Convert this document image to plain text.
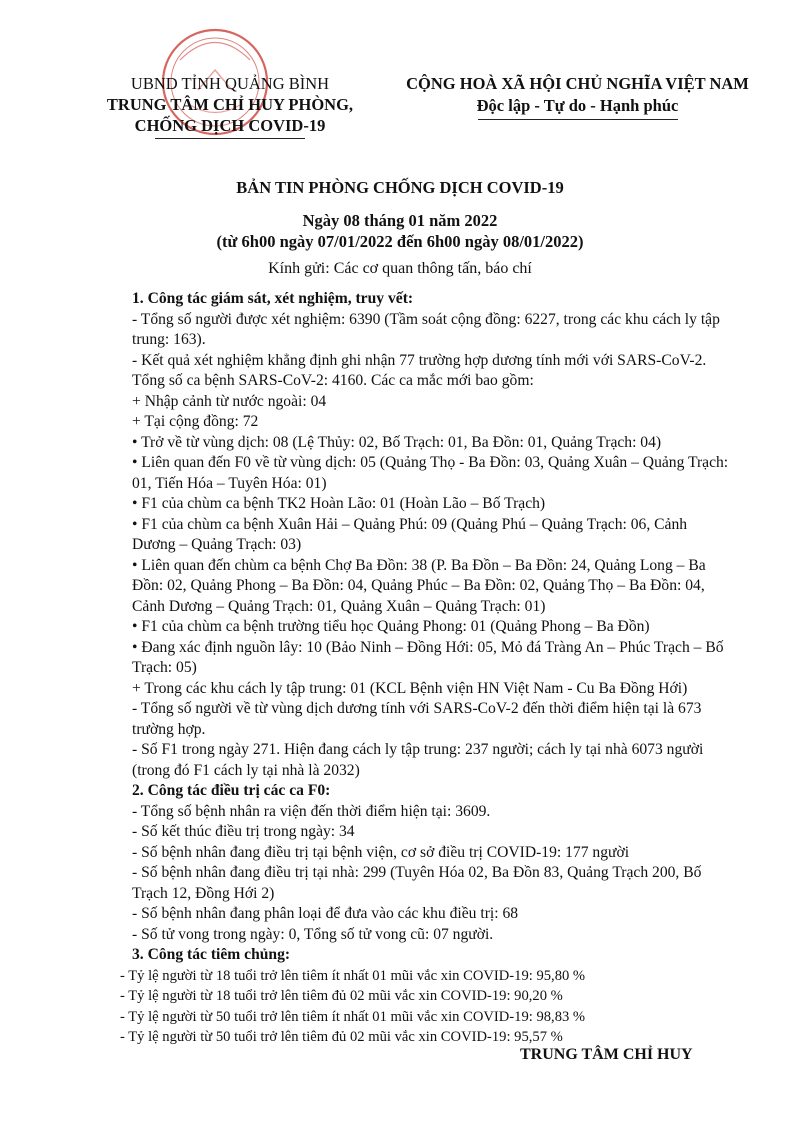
UBND TỈNH QUẢNG BÌNH
TRUNG TÂM CHỈ HUY PHÒNG,
CHỐNG DỊCH COVID-19
CỘNG HOÀ XÃ HỘI CHỦ NGHĨA VIỆT NAM
Độc lập - Tự do - Hạnh phúc
BẢN TIN PHÒNG CHỐNG DỊCH COVID-19
Ngày 08 tháng 01 năm 2022
(từ 6h00 ngày 07/01/2022 đến 6h00 ngày 08/01/2022)
Kính gửi: Các cơ quan thông tấn, báo chí
1. Công tác giám sát, xét nghiệm, truy vết:
- Tổng số người được xét nghiệm: 6390 (Tầm soát cộng đồng: 6227, trong các khu cách ly tập trung: 163).
- Kết quả xét nghiệm khẳng định ghi nhận 77 trường hợp dương tính mới với SARS-CoV-2. Tổng số ca bệnh SARS-CoV-2: 4160. Các ca mắc mới bao gồm:
+ Nhập cảnh từ nước ngoài: 04
+ Tại cộng đồng: 72
• Trở về từ vùng dịch: 08 (Lệ Thủy: 02, Bố Trạch: 01, Ba Đồn: 01, Quảng Trạch: 04)
• Liên quan đến F0 về từ vùng dịch: 05 (Quảng Thọ - Ba Đồn: 03, Quảng Xuân – Quảng Trạch: 01, Tiến Hóa – Tuyên Hóa: 01)
• F1 của chùm ca bệnh TK2 Hoàn Lão: 01 (Hoàn Lão – Bố Trạch)
• F1 của chùm ca bệnh Xuân Hải – Quảng Phú: 09 (Quảng Phú – Quảng Trạch: 06, Cảnh Dương – Quảng Trạch: 03)
• Liên quan đến chùm ca bệnh Chợ Ba Đồn: 38 (P. Ba Đồn – Ba Đồn: 24, Quảng Long – Ba Đồn: 02, Quảng Phong – Ba Đồn: 04, Quảng Phúc – Ba Đồn: 02, Quảng Thọ – Ba Đồn: 04, Cảnh Dương – Quảng Trạch: 01, Quảng Xuân – Quảng Trạch: 01)
• F1 của chùm ca bệnh trường tiểu học Quảng Phong: 01 (Quảng Phong – Ba Đồn)
• Đang xác định nguồn lây: 10 (Bảo Ninh – Đồng Hới: 05, Mỏ đá Tràng An – Phúc Trạch – Bố Trạch: 05)
+ Trong các khu cách ly tập trung: 01 (KCL Bệnh viện HN Việt Nam - Cu Ba Đồng Hới)
- Tổng số người về từ vùng dịch dương tính với SARS-CoV-2 đến thời điểm hiện tại là 673 trường hợp.
- Số F1 trong ngày 271. Hiện đang cách ly tập trung: 237 người; cách ly tại nhà 6073 người (trong đó F1 cách ly tại nhà là 2032)
2. Công tác điều trị các ca F0:
- Tổng số bệnh nhân ra viện đến thời điểm hiện tại: 3609.
- Số kết thúc điều trị trong ngày: 34
- Số bệnh nhân đang điều trị tại bệnh viện, cơ sở điều trị COVID-19: 177 người
- Số bệnh nhân đang điều trị tại nhà: 299 (Tuyên Hóa 02, Ba Đồn 83, Quảng Trạch 200, Bố Trạch 12, Đồng Hới 2)
- Số bệnh nhân đang phân loại để đưa vào các khu điều trị: 68
- Số tử vong trong ngày: 0, Tổng số tử vong cũ: 07 người.
3. Công tác tiêm chủng:
- Tỷ lệ người từ 18 tuổi trở lên tiêm ít nhất 01 mũi vắc xin COVID-19: 95,80 %
- Tỷ lệ người từ 18 tuổi trở lên tiêm đủ 02 mũi vắc xin COVID-19: 90,20 %
- Tỷ lệ người từ 50 tuổi trở lên tiêm ít nhất 01 mũi vắc xin COVID-19: 98,83 %
- Tỷ lệ người từ 50 tuổi trở lên tiêm đủ 02 mũi vắc xin COVID-19: 95,57 %
TRUNG TÂM CHỈ HUY
